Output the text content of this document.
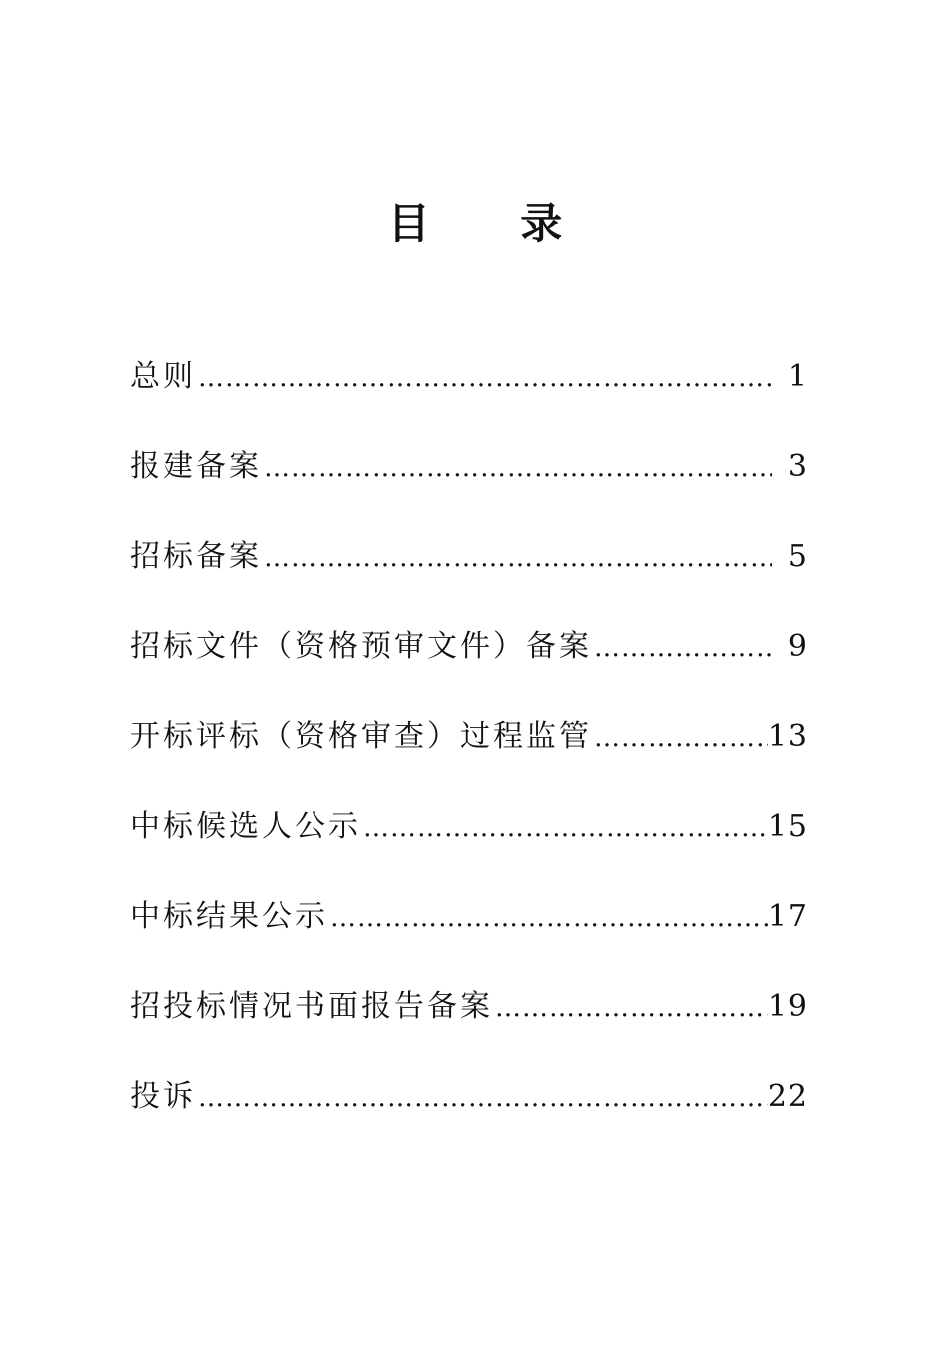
目 录
总则 …………………………………………………………………………………………………………………………………………………………	1
报建备案 …………………………………………………………………………………………………………………………………………………………	3
招标备案 …………………………………………………………………………………………………………………………………………………………	5
招标文件（资格预审文件）备案 …………………………………………………………………………………………………………………………………………………………	9
开标评标（资格审查）过程监管 …………………………………………………………………………………………………………………………………………………………	13
中标候选人公示 …………………………………………………………………………………………………………………………………………………………	15
中标结果公示 …………………………………………………………………………………………………………………………………………………………	17
招投标情况书面报告备案 …………………………………………………………………………………………………………………………………………………………	19
投诉 …………………………………………………………………………………………………………………………………………………………	22
